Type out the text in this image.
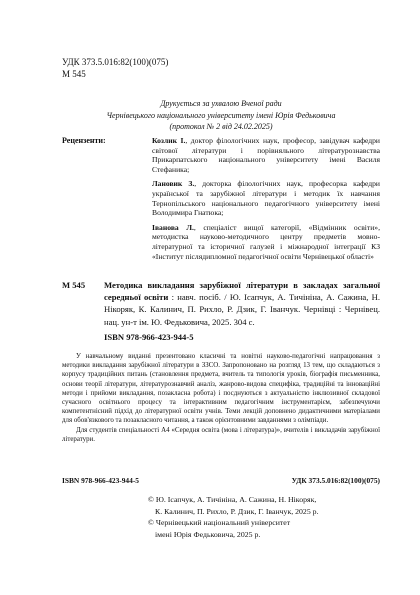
УДК 373.5.016:82(100)(075)
М 545
Друкується за ухвалою Вченої ради
Чернівецького національного університету імені Юрія Федьковича
(протокол № 2 від 24.02.2025)
Рецензенти:	Козлик І., доктор філологічних наук, професор, завідувач кафедри світової літератури і порівняльного літературознавства Прикарпатського національного університету імені Василя Стефаника;
Лановик З., докторка філологічних наук, професорка кафедри української та зарубіжної літератури і методик їх навчання Тернопільського національного педагогічного університету імені Володимира Гнатюка;
Іванова Л., спеціаліст вищої категорії, «Відмінник освіти», методистка науково-методичного центру предметів мовно-літературної та історичної галузей і міжнародної інтеграції КЗ «Інститут післядипломної педагогічної освіти Чернівецької області»
М 545	Методика викладання зарубіжної літератури в закладах загальної середньої освіти : навч. посіб. / Ю. Ісапчук, А. Тичініна, А. Сажина, Н. Нікоряк, К. Калинич, П. Рихло, Р. Дзик, Г. Іванчук. Чернівці : Чернівец. нац. ун-т ім. Ю. Федьковича, 2025. 304 с.
ISBN 978-966-423-944-5

У навчальному виданні презентовано класичні та новітні науково-педагогічні напрацювання з методики викладання зарубіжної літератури в ЗЗСО. Запропоновано на розгляд 13 тем, що складаються з корпусу традиційних питань (становлення предмета, вчитель та типологія уроків, біографія письменника, основи теорії літератури, літературознавчий аналіз, жанрово-видова специфіка, традиційні та інноваційні методи і прийоми викладання, позакласна робота) і посднуються з актуальністю інклюзивної складової сучасного освітнього процесу та інтерактивним педагогічним інструментарієм, забезпечуючи компетентнісний підхід до літературної освіти учнів. Теми лекцій доповнено дидактичними матеріалами для обов'язкового та позакласного читання, а також орієнтовними завданнями з олімпіади.

Для студентів спеціальності А4 «Середня освіта (мова і література)», вчителів і викладачів зарубіжної літератури.

ISBN 978-966-423-944-5	УДК 373.5.016:82(100)(075)
© Ю. Ісапчук, А. Тичініна, А. Сажина, Н. Нікоряк,
К. Калинич, П. Рихло, Р. Дзик, Г. Іванчук, 2025 р.
© Чернівецький національний університет
імені Юрія Федьковича, 2025 р.
